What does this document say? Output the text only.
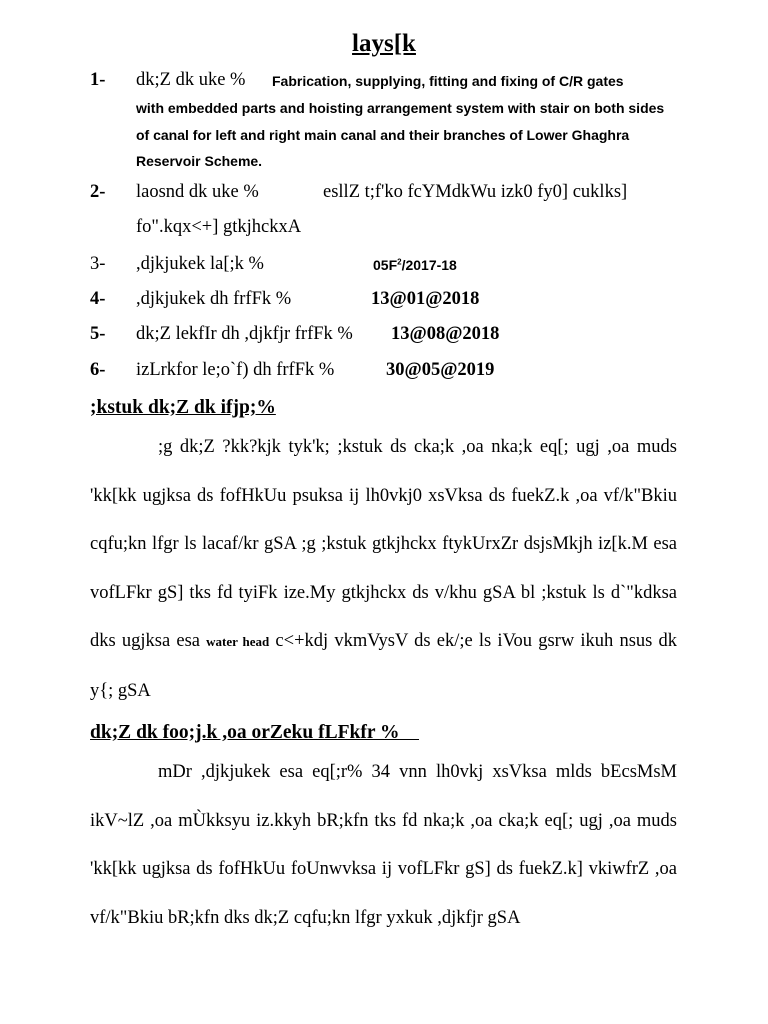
lays[k
1- dk;Z dk uke % Fabrication, supplying, fitting and fixing of C/R gates
with embedded parts and hoisting arrangement system with stair on both sides of canal for left and right main canal and their branches of Lower Ghaghra Reservoir Scheme.
2- laosnd dk uke %	esllZ t;f'ko fcYMdkWu izk0 fy0] cuklks]
fo".kqx<+] gtkjhckxA
3- ,djkjukek la[;k %	$05F^2/2017-18$
4- ,djkjukek dh frfFk %	13@01@2018
5- dk;Z lekfIr dh ,djkfjr frfFk % 13@08@2018
6- izLrkfor le;o`f) dh frfFk %	30@05@2019
;kstuk dk;Z dk ifjp;%
;g dk;Z ?kk?kjk tyk'k; ;kstuk ds cka;k ,oa nka;k eq[; ugj ,oa muds 'kk[kk ugjksa ds fofHkUu psuksa ij lh0vkj0 xsVksa ds fuekZ.k ,oa vf/k"Bkiu cqfu;kn lfgr ls lacaf/kr gSA ;g ;kstuk gtkjhckx ftykUrxZr dsjsMkjh iz[k.M esa vofLFkr gS] tks fd tyiFk ize.My gtkjhckx ds v/khu gSA bl ;kstuk ls d`"kdksa dks ugjksa esa water head c<+kdj vkmVysV ds ek/;e ls iVou gsrw ikuh nsus dk y{; gSA
dk;Z dk foo;j.k ,oa orZeku fLFkfr %
mDr ,djkjukek esa eq[;r% 34 vnn lh0vkj xsVksa mlds bEcsMsM ikV~lZ ,oa mÙkksyu iz.kkyh bR;kfn tks fd nka;k ,oa cka;k eq[; ugj ,oa muds 'kk[kk ugjksa ds fofHkUu foUnwvksa ij vofLFkr gS] ds fuekZ.k] vkiwfrZ ,oa vf/k"Bkiu bR;kfn dks dk;Z cqfu;kn lfgr yxkuk ,djkfjr gSA
